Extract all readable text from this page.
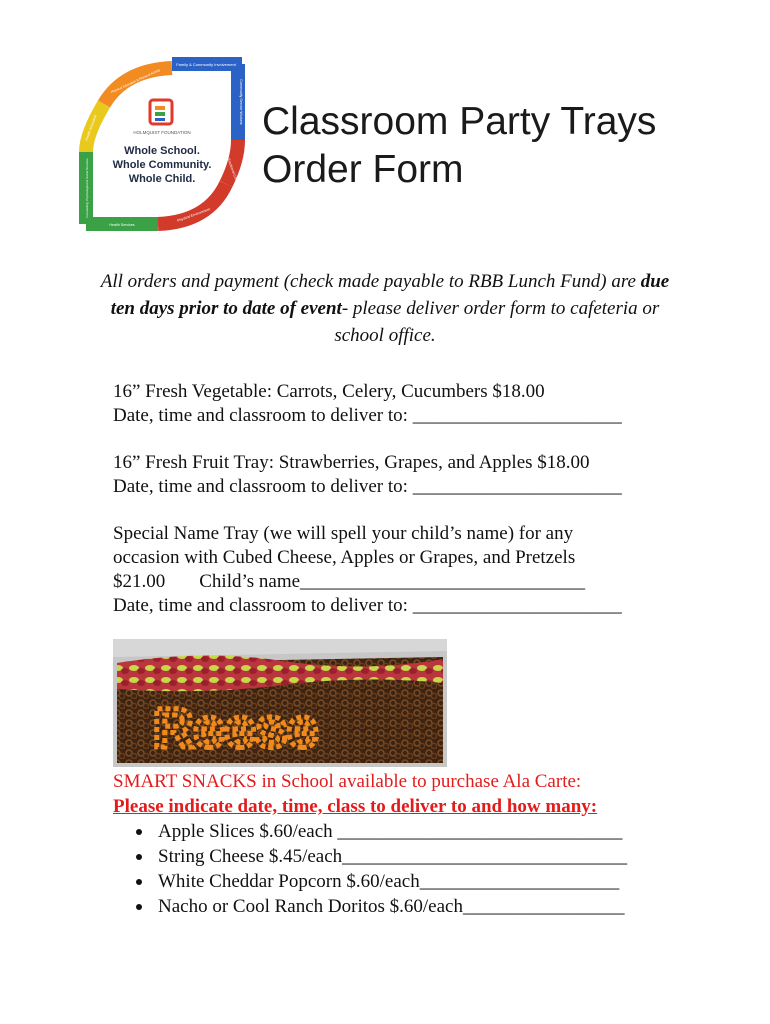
HOLMQUIST FOUNDATION
Whole School.
Whole Community.
Whole Child.
Family & Community Involvement
Community Service Workers
Social & Emotional Climate
Physical Environment
Health Services
Counseling, Psychological & Social Services
Health Education
Physical Education & Physical Activity
Classroom Party Trays
Order Form
All orders and payment (check made payable to RBB Lunch Fund) are due ten days prior to date of event- please deliver order form to cafeteria or school office.
16” Fresh Vegetable: Carrots, Celery, Cucumbers $18.00
Date, time and classroom to deliver to: ______________________
16” Fresh Fruit Tray: Strawberries, Grapes, and Apples $18.00
Date, time and classroom to deliver to: ______________________
Special Name Tray (we will spell your child’s name) for any
occasion with Cubed Cheese, Apples or Grapes, and Pretzels
$21.00 Child’s name______________________________
Date, time and classroom to deliver to: ______________________
Reese
SMART SNACKS in School available to purchase Ala Carte:
Please indicate date, time, class to deliver to and how many:
Apple Slices $.60/each ______________________________
String Cheese $.45/each______________________________
White Cheddar Popcorn $.60/each_____________________
Nacho or Cool Ranch Doritos $.60/each_________________
